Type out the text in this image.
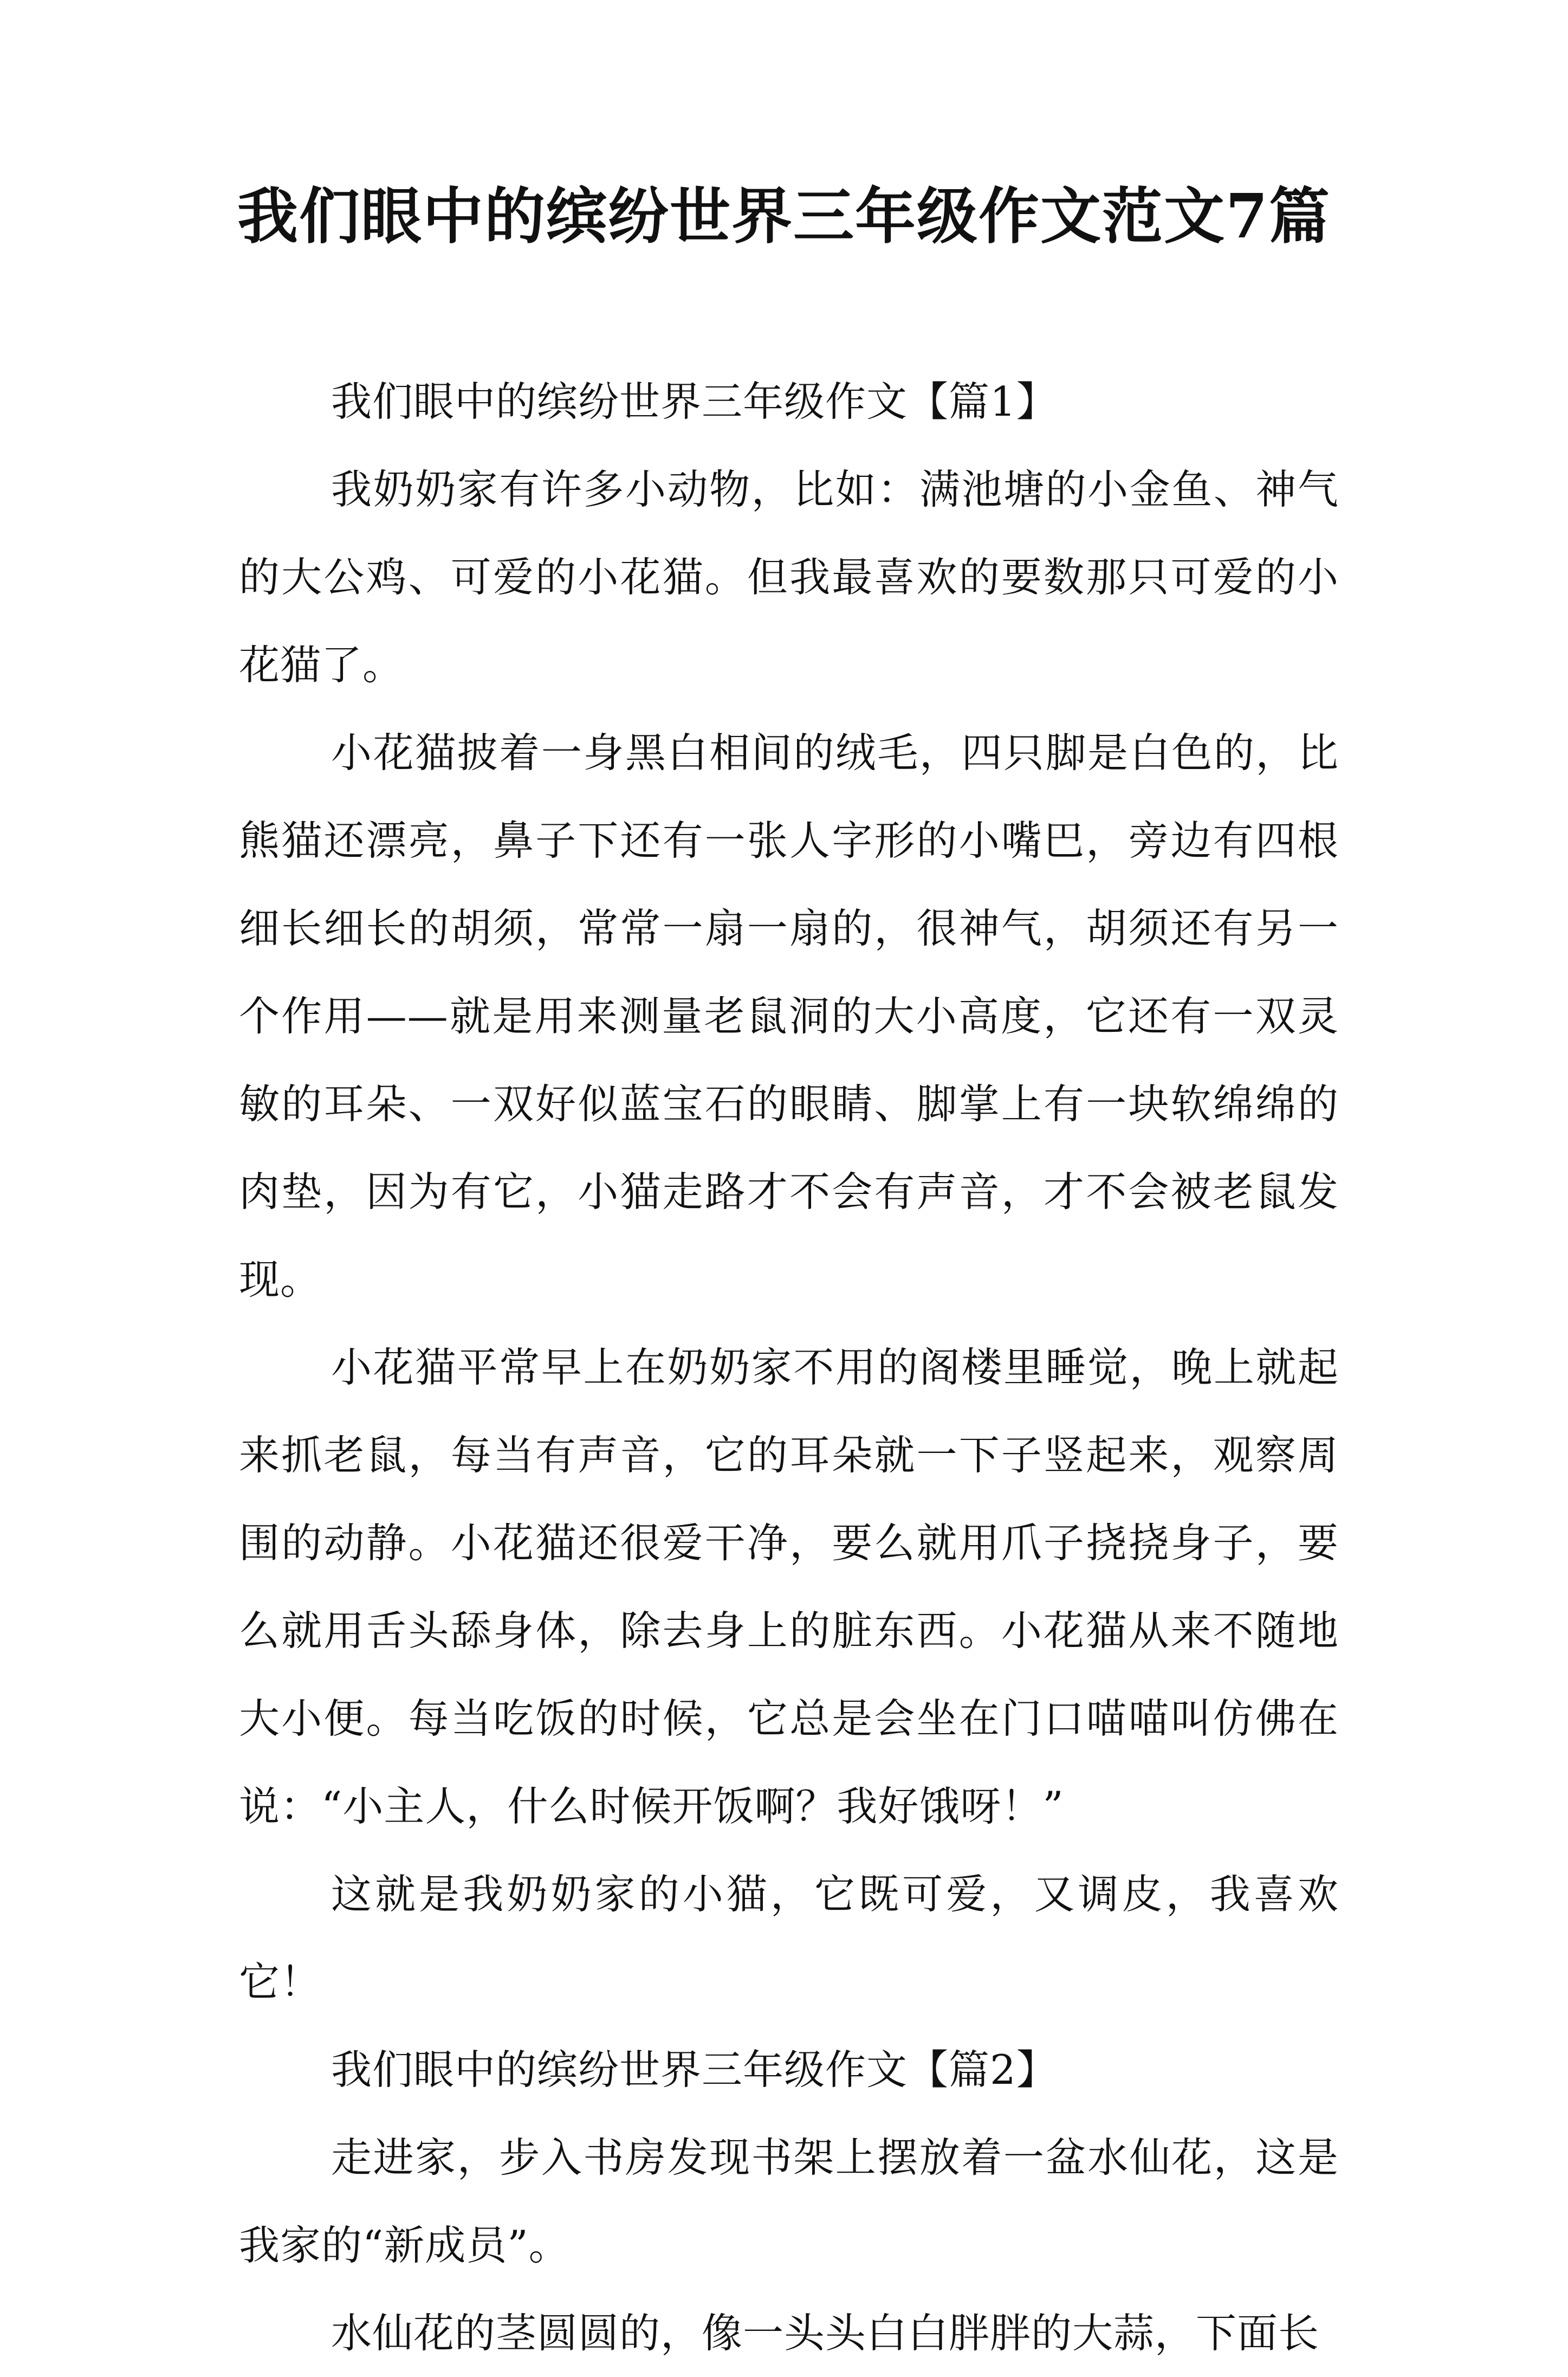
我们眼中的缤纷世界三年级作文范文7篇

我们眼中的缤纷世界三年级作文【篇1】

我奶奶家有许多小动物，比如：满池塘的小金鱼、神气的大公鸡、可爱的小花猫。但我最喜欢的要数那只可爱的小花猫了。

小花猫披着一身黑白相间的绒毛，四只脚是白色的，比熊猫还漂亮，鼻子下还有一张人字形的小嘴巴，旁边有四根细长细长的胡须，常常一扇一扇的，很神气，胡须还有另一个作用——就是用来测量老鼠洞的大小高度，它还有一双灵敏的耳朵、一双好似蓝宝石的眼睛、脚掌上有一块软绵绵的肉垫，因为有它，小猫走路才不会有声音，才不会被老鼠发现。

小花猫平常早上在奶奶家不用的阁楼里睡觉，晚上就起来抓老鼠，每当有声音，它的耳朵就一下子竖起来，观察周围的动静。小花猫还很爱干净，要么就用爪子挠挠身子，要么就用舌头舔身体，除去身上的脏东西。小花猫从来不随地大小便。每当吃饭的时候，它总是会坐在门口喵喵叫仿佛在说：“小主人，什么时候开饭啊？我好饿呀！”

这就是我奶奶家的小猫，它既可爱，又调皮，我喜欢它！

我们眼中的缤纷世界三年级作文【篇2】

走进家，步入书房发现书架上摆放着一盆水仙花，这是我家的“新成员”。

水仙花的茎圆圆的，像一头头白白胖胖的大蒜，下面长
